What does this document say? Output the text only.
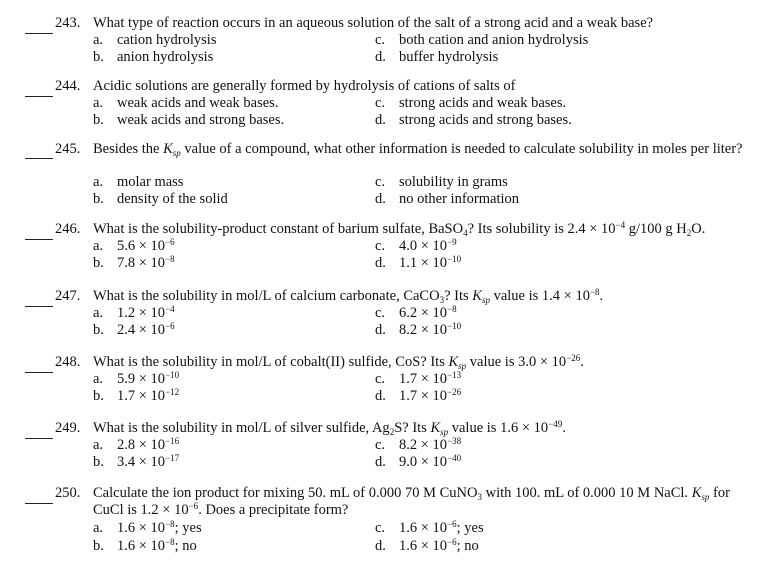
243. What type of reaction occurs in an aqueous solution of the salt of a strong acid and a weak base?
a. cation hydrolysis
b. anion hydrolysis
c. both cation and anion hydrolysis
d. buffer hydrolysis
244. Acidic solutions are generally formed by hydrolysis of cations of salts of
a. weak acids and weak bases.
b. weak acids and strong bases.
c. strong acids and weak bases.
d. strong acids and strong bases.
245. Besides the $K_{sp}$ value of a compound, what other information is needed to calculate solubility in moles per liter?
a. molar mass
b. density of the solid
c. solubility in grams
d. no other information
246. What is the solubility-product constant of barium sulfate, BaSO$_4$? Its solubility is $2.4 \times 10^{-4}$ g/100 g $H_2O$.
a. $5.6 \times 10^{-6}$
b. $7.8 \times 10^{-8}$
c. $4.0 \times 10^{-9}$
d. $1.1 \times 10^{-10}$
247. What is the solubility in mol/L of calcium carbonate, CaCO$_3$? Its $K_{sp}$ value is $1.4 \times 10^{-8}$.
a. $1.2 \times 10^{-4}$
b. $2.4 \times 10^{-6}$
c. $6.2 \times 10^{-8}$
d. $8.2 \times 10^{-10}$
248. What is the solubility in mol/L of cobalt(II) sulfide, CoS? Its $K_{sp}$ value is $3.0 \times 10^{-26}$.
a. $5.9 \times 10^{-10}$
b. $1.7 \times 10^{-12}$
c. $1.7 \times 10^{-13}$
d. $1.7 \times 10^{-26}$
249. What is the solubility in mol/L of silver sulfide, $Ag_2S$? Its $K_{sp}$ value is $1.6 \times 10^{-49}$.
a. $2.8 \times 10^{-16}$
b. $3.4 \times 10^{-17}$
c. $8.2 \times 10^{-38}$
d. $9.0 \times 10^{-40}$
250. Calculate the ion product for mixing 50. mL of 0.000 70 M CuNO$_3$ with 100. mL of 0.000 10 M NaCl. $K_{sp}$ for CuCl is $1.2 \times 10^{-6}$. Does a precipitate form?
a. $1.6 \times 10^{-8}$; yes
b. $1.6 \times 10^{-8}$; no
c. $1.6 \times 10^{-6}$; yes
d. $1.6 \times 10^{-6}$; no
